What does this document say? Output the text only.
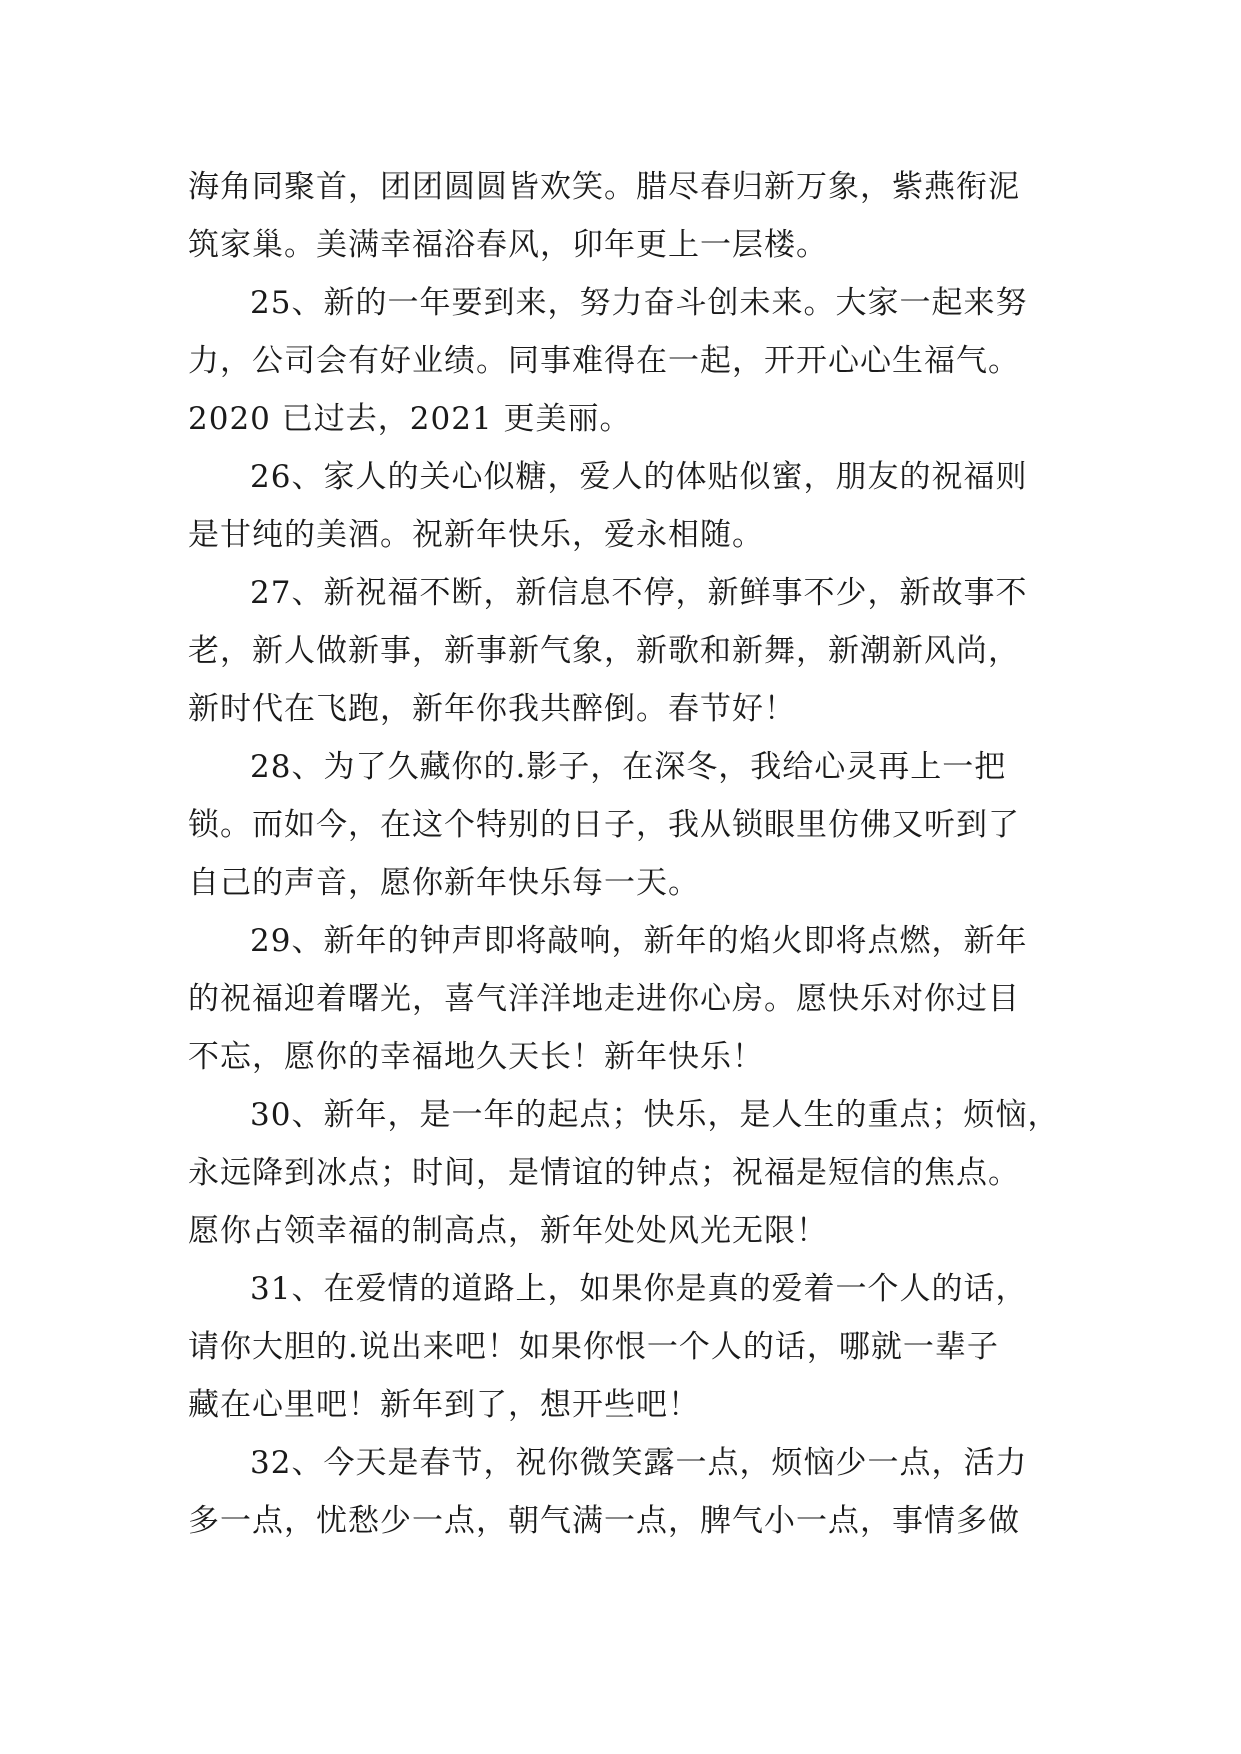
海角同聚首，团团圆圆皆欢笑。腊尽春归新万象，紫燕衔泥
筑家巢。美满幸福浴春风，卯年更上一层楼。
25、新的一年要到来，努力奋斗创未来。大家一起来努
力，公司会有好业绩。同事难得在一起，开开心心生福气。
2020 已过去，2021 更美丽。
26、家人的关心似糖，爱人的体贴似蜜，朋友的祝福则
是甘纯的美酒。祝新年快乐，爱永相随。
27、新祝福不断，新信息不停，新鲜事不少，新故事不
老，新人做新事，新事新气象，新歌和新舞，新潮新风尚，
新时代在飞跑，新年你我共醉倒。春节好！
28、为了久藏你的.影子，在深冬，我给心灵再上一把
锁。而如今，在这个特别的日子，我从锁眼里仿佛又听到了
自己的声音，愿你新年快乐每一天。
29、新年的钟声即将敲响，新年的焰火即将点燃，新年
的祝福迎着曙光，喜气洋洋地走进你心房。愿快乐对你过目
不忘，愿你的幸福地久天长！新年快乐！
30、新年，是一年的起点；快乐，是人生的重点；烦恼，
永远降到冰点；时间，是情谊的钟点；祝福是短信的焦点。
愿你占领幸福的制高点，新年处处风光无限！
31、在爱情的道路上，如果你是真的爱着一个人的话，
请你大胆的.说出来吧！如果你恨一个人的话，哪就一辈子
藏在心里吧！新年到了，想开些吧！
32、今天是春节，祝你微笑露一点，烦恼少一点，活力
多一点，忧愁少一点，朝气满一点，脾气小一点，事情多做
